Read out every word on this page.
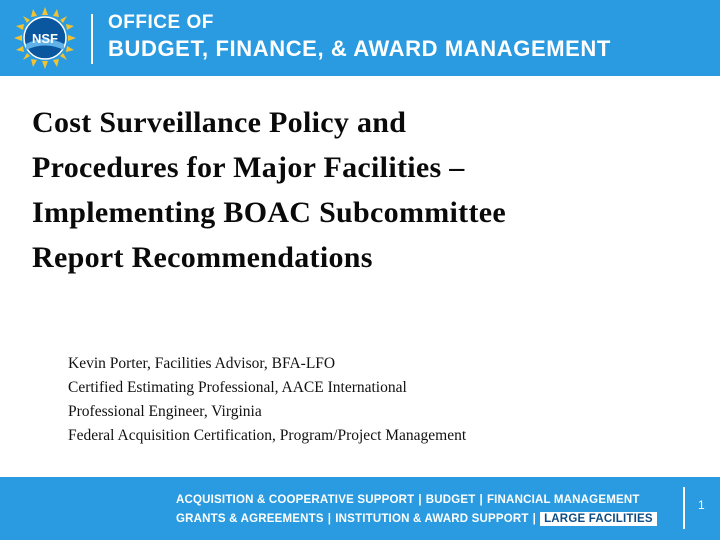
NSF
OFFICE OF
BUDGET, FINANCE, & AWARD MANAGEMENT
Cost Surveillance Policy and
Procedures for Major Facilities –
Implementing BOAC Subcommittee
Report Recommendations
Kevin Porter, Facilities Advisor, BFA-LFO
Certified Estimating Professional, AACE International
Professional Engineer, Virginia
Federal Acquisition Certification, Program/Project Management
ACQUISITION & COOPERATIVE SUPPORT | BUDGET | FINANCIAL MANAGEMENT
GRANTS & AGREEMENTS | INSTITUTION & AWARD SUPPORT | LARGE FACILITIES
1
